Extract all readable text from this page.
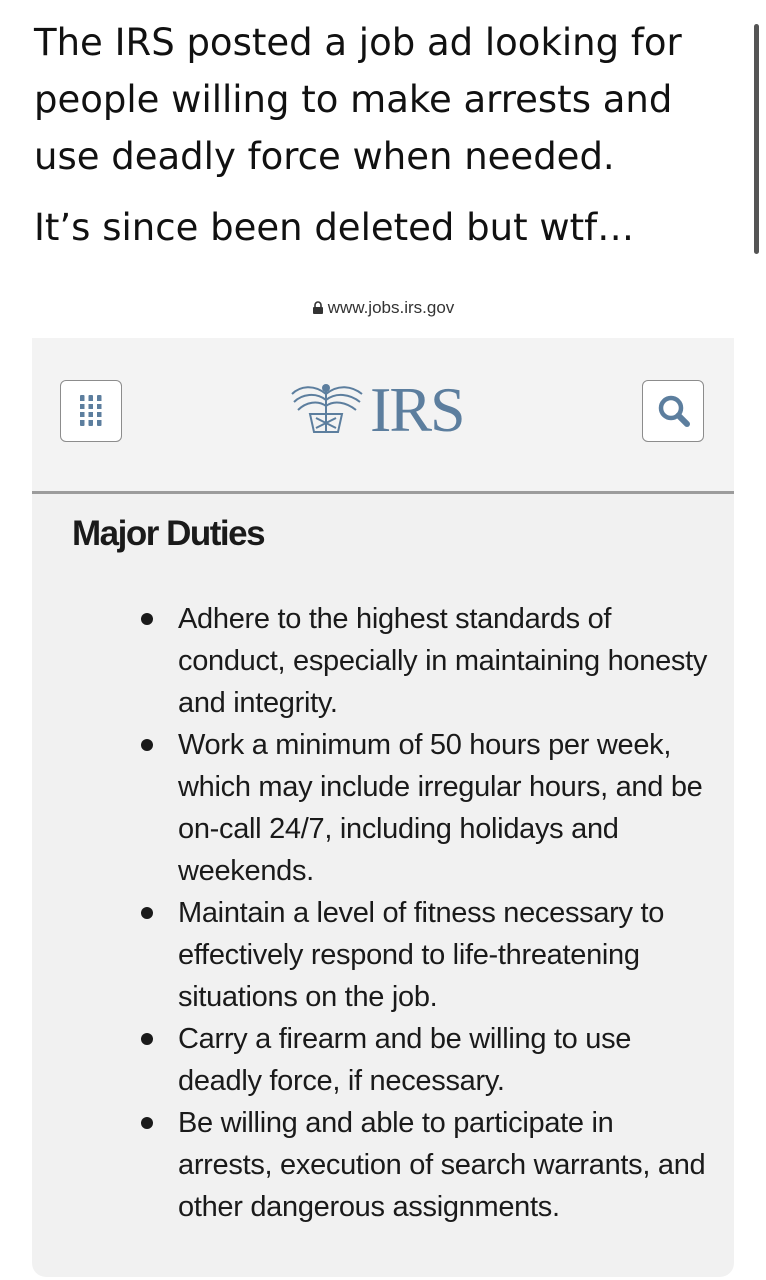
The IRS posted a job ad looking for people willing to make arrests and use deadly force when needed.

It’s since been deleted but wtf…

www.jobs.irs.gov
IRS
Major Duties
Adhere to the highest standards of conduct, especially in maintaining honesty and integrity.
Work a minimum of 50 hours per week, which may include irregular hours, and be on-call 24/7, including holidays and weekends.
Maintain a level of fitness necessary to effectively respond to life-threatening situations on the job.
Carry a firearm and be willing to use deadly force, if necessary.
Be willing and able to participate in arrests, execution of search warrants, and other dangerous assignments.
